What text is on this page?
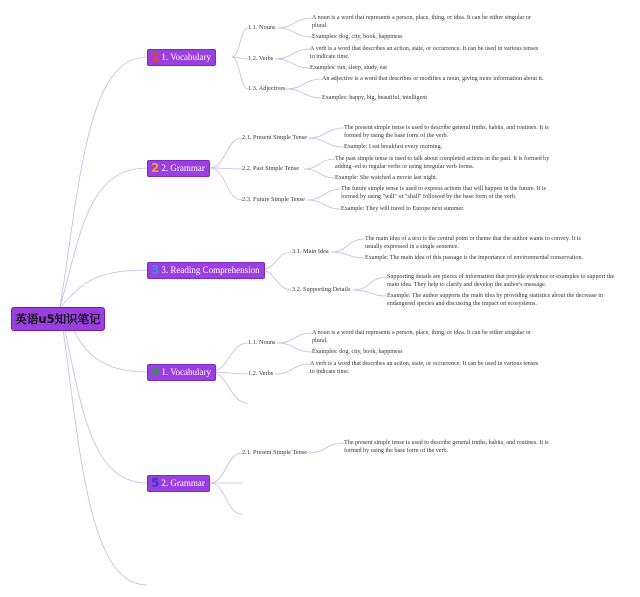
英语u5知识笔记
1 1. Vocabulary
1.1. Nouns
A noun is a word that represents a person, place, thing, or idea. It can be either singular or plural.
Examples: dog, city, book, happiness
1.2. Verbs
A verb is a word that describes an action, state, or occurrence. It can be used in various tenses to indicate time.
Examples: run, sleep, study, eat
1.3. Adjectives
An adjective is a word that describes or modifies a noun, giving more information about it.
Examples: happy, big, beautiful, intelligent
2 2. Grammar
2.1. Present Simple Tense
The present simple tense is used to describe general truths, habits, and routines. It is formed by using the base form of the verb.
Example: I eat breakfast every morning.
2.2. Past Simple Tense
The past simple tense is used to talk about completed actions in the past. It is formed by adding -ed to regular verbs or using irregular verb forms.
Example: She watched a movie last night.
2.3. Future Simple Tense
The future simple tense is used to express actions that will happen in the future. It is formed by using "will" or "shall" followed by the base form of the verb.
Example: They will travel to Europe next summer.
3 3. Reading Comprehension
3.1. Main Idea
The main idea of a text is the central point or theme that the author wants to convey. It is usually expressed in a single sentence.
Example: The main idea of this passage is the importance of environmental conservation.
3.2. Supporting Details
Supporting details are pieces of information that provide evidence or examples to support the main idea. They help to clarify and develop the author's message.
Example: The author supports the main idea by providing statistics about the decrease in endangered species and discussing the impact on ecosystems.
4 1. Vocabulary
1.1. Nouns
A noun is a word that represents a person, place, thing, or idea. It can be either singular or plural.
Examples: dog, city, book, happiness
1.2. Verbs
A verb is a word that describes an action, state, or occurrence. It can be used in various tenses to indicate time.
5 2. Grammar
2.1. Present Simple Tense
The present simple tense is used to describe general truths, habits, and routines. It is formed by using the base form of the verb.
